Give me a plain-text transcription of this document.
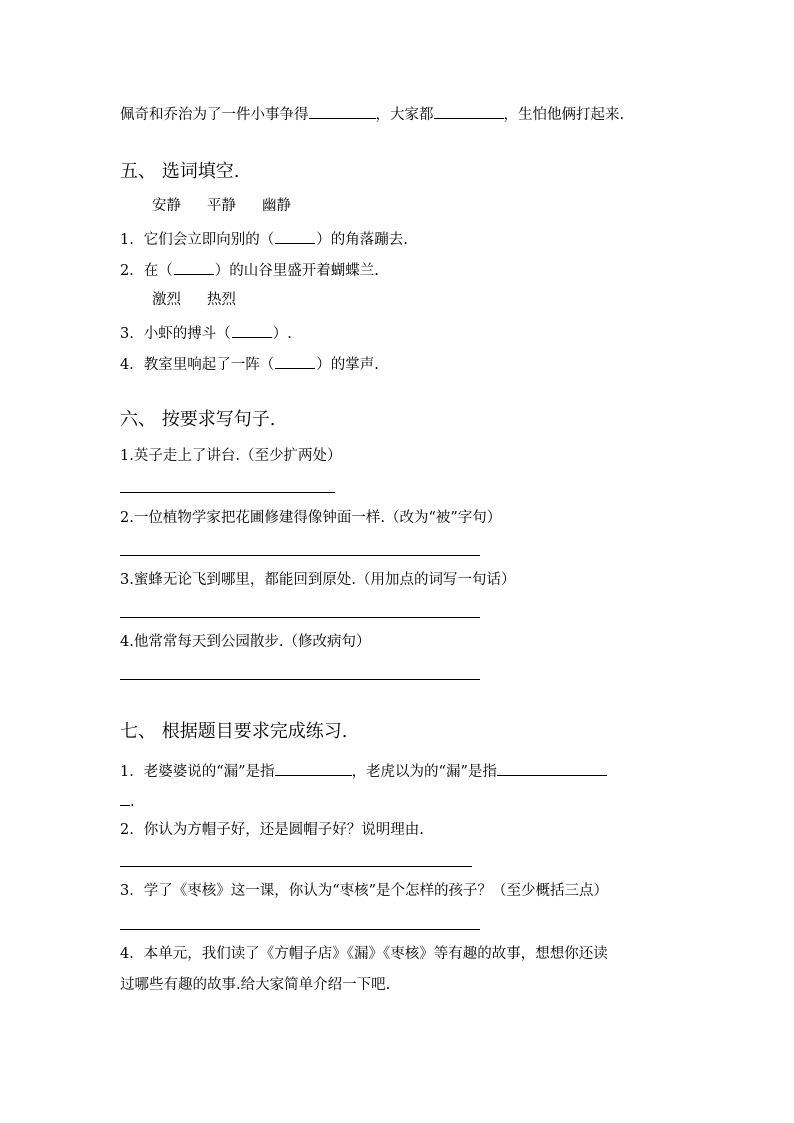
佩奇和乔治为了一件小事争得	，大家都	，生怕他俩打起来.
五、 选词填空.
安静 平静 幽静
1．它们会立即向别的（	）的角落蹦去.
2．在（	）的山谷里盛开着蝴蝶兰.
激烈 热烈
3．小虾的搏斗（	）.
4．教室里响起了一阵（	）的掌声.
六、 按要求写句子.
1.英子走上了讲台.（至少扩两处）
2.一位植物学家把花圃修建得像钟面一样.（改为“被”字句）
3.蜜蜂无论飞到哪里，都能回到原处.（用加点的词写一句话）
4.他常常每天到公园散步.（修改病句）
七、 根据题目要求完成练习.
1．老婆婆说的“漏”是指	，老虎以为的“漏”是指
.
2．你认为方帽子好，还是圆帽子好？说明理由.
3．学了《枣核》这一课，你认为“枣核”是个怎样的孩子？（至少概括三点）
4．本单元，我们读了《方帽子店》《漏》《枣核》等有趣的故事，想想你还读
过哪些有趣的故事.给大家简单介绍一下吧.
